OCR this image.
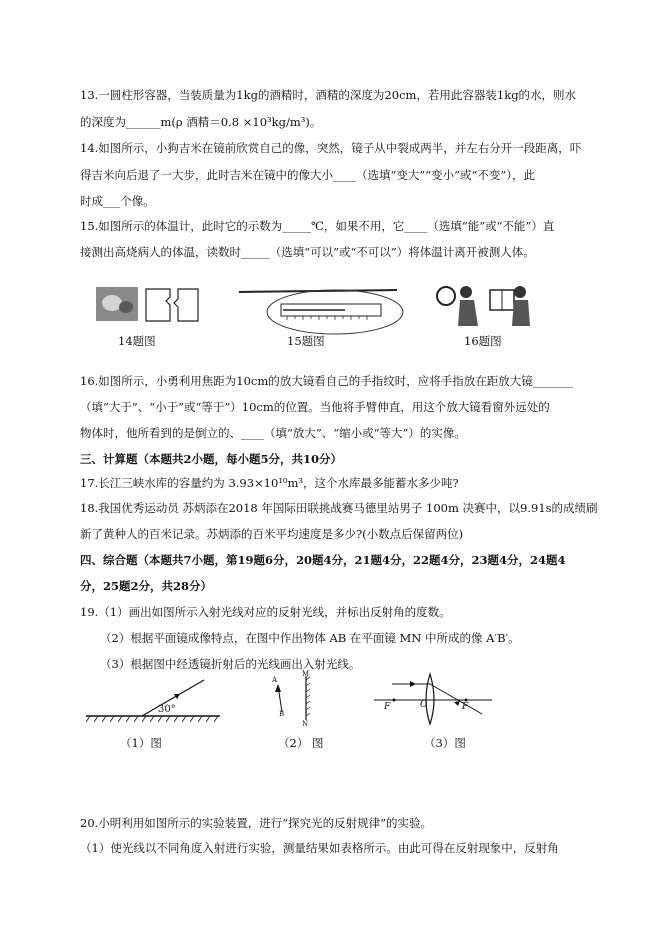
13.一圆柱形容器，当装质量为1kg的酒精时，酒精的深度为20cm，若用此容器装1kg的水，则水
的深度为______m(ρ 酒精＝0.8 ×10³kg/m³)。
14.如图所示，小狗吉米在镜前欣赏自己的像，突然，镜子从中裂成两半，并左右分开一段距离，吓
得吉米向后退了一大步，此时吉米在镜中的像大小____（选填“变大”“变小”或“不变”），此
时成___个像。
15.如图所示的体温计，此时它的示数为_____℃，如果不用，它____（选填“能”或“不能”）直
接测出高烧病人的体温，读数时_____（选填“可以”或“不可以”）将体温计离开被测人体。
14题图	15题图	16题图
16.如图所示，小勇利用焦距为10cm的放大镜看自己的手指纹时，应将手指放在距放大镜_______
（填“大于”、“小于”或“等于”）10cm的位置。当他将手臂伸直，用这个放大镜看窗外远处的
物体时，他所看到的是倒立的、____（填“放大”、“缩小或“等大”）的实像。
三、计算题（本题共2小题，每小题5分，共10分）
17.长江三峡水库的容量约为 3.93×10¹⁰m³，这个水库最多能蓄水多少吨?
18.我国优秀运动员 苏炳添在2018 年国际田联挑战赛马德里站男子 100m 决赛中，以9.91s的成绩刷
新了黄种人的百米记录。苏炳添的百米平均速度是多少?(小数点后保留两位)
四、综合题（本题共7小题，第19题6分，20题4分，21题4分，22题4分，23题4分，24题4
分，25题2分，共28分）
19.（1）画出如图所示入射光线对应的反射光线，并标出反射角的度数。
（2）根据平面镜成像特点，在图中作出物体 AB 在平面镜 MN 中所成的像 A′B′。
（3）根据图中经透镜折射后的光线画出入射光线。
30°
A
B
M
N
F	O	F
（1）图	（2） 图	（3）图
20.小明利用如图所示的实验装置，进行“探究光的反射规律”的实验。
（1）使光线以不同角度入射进行实验，测量结果如表格所示。由此可得在反射现象中，反射角
